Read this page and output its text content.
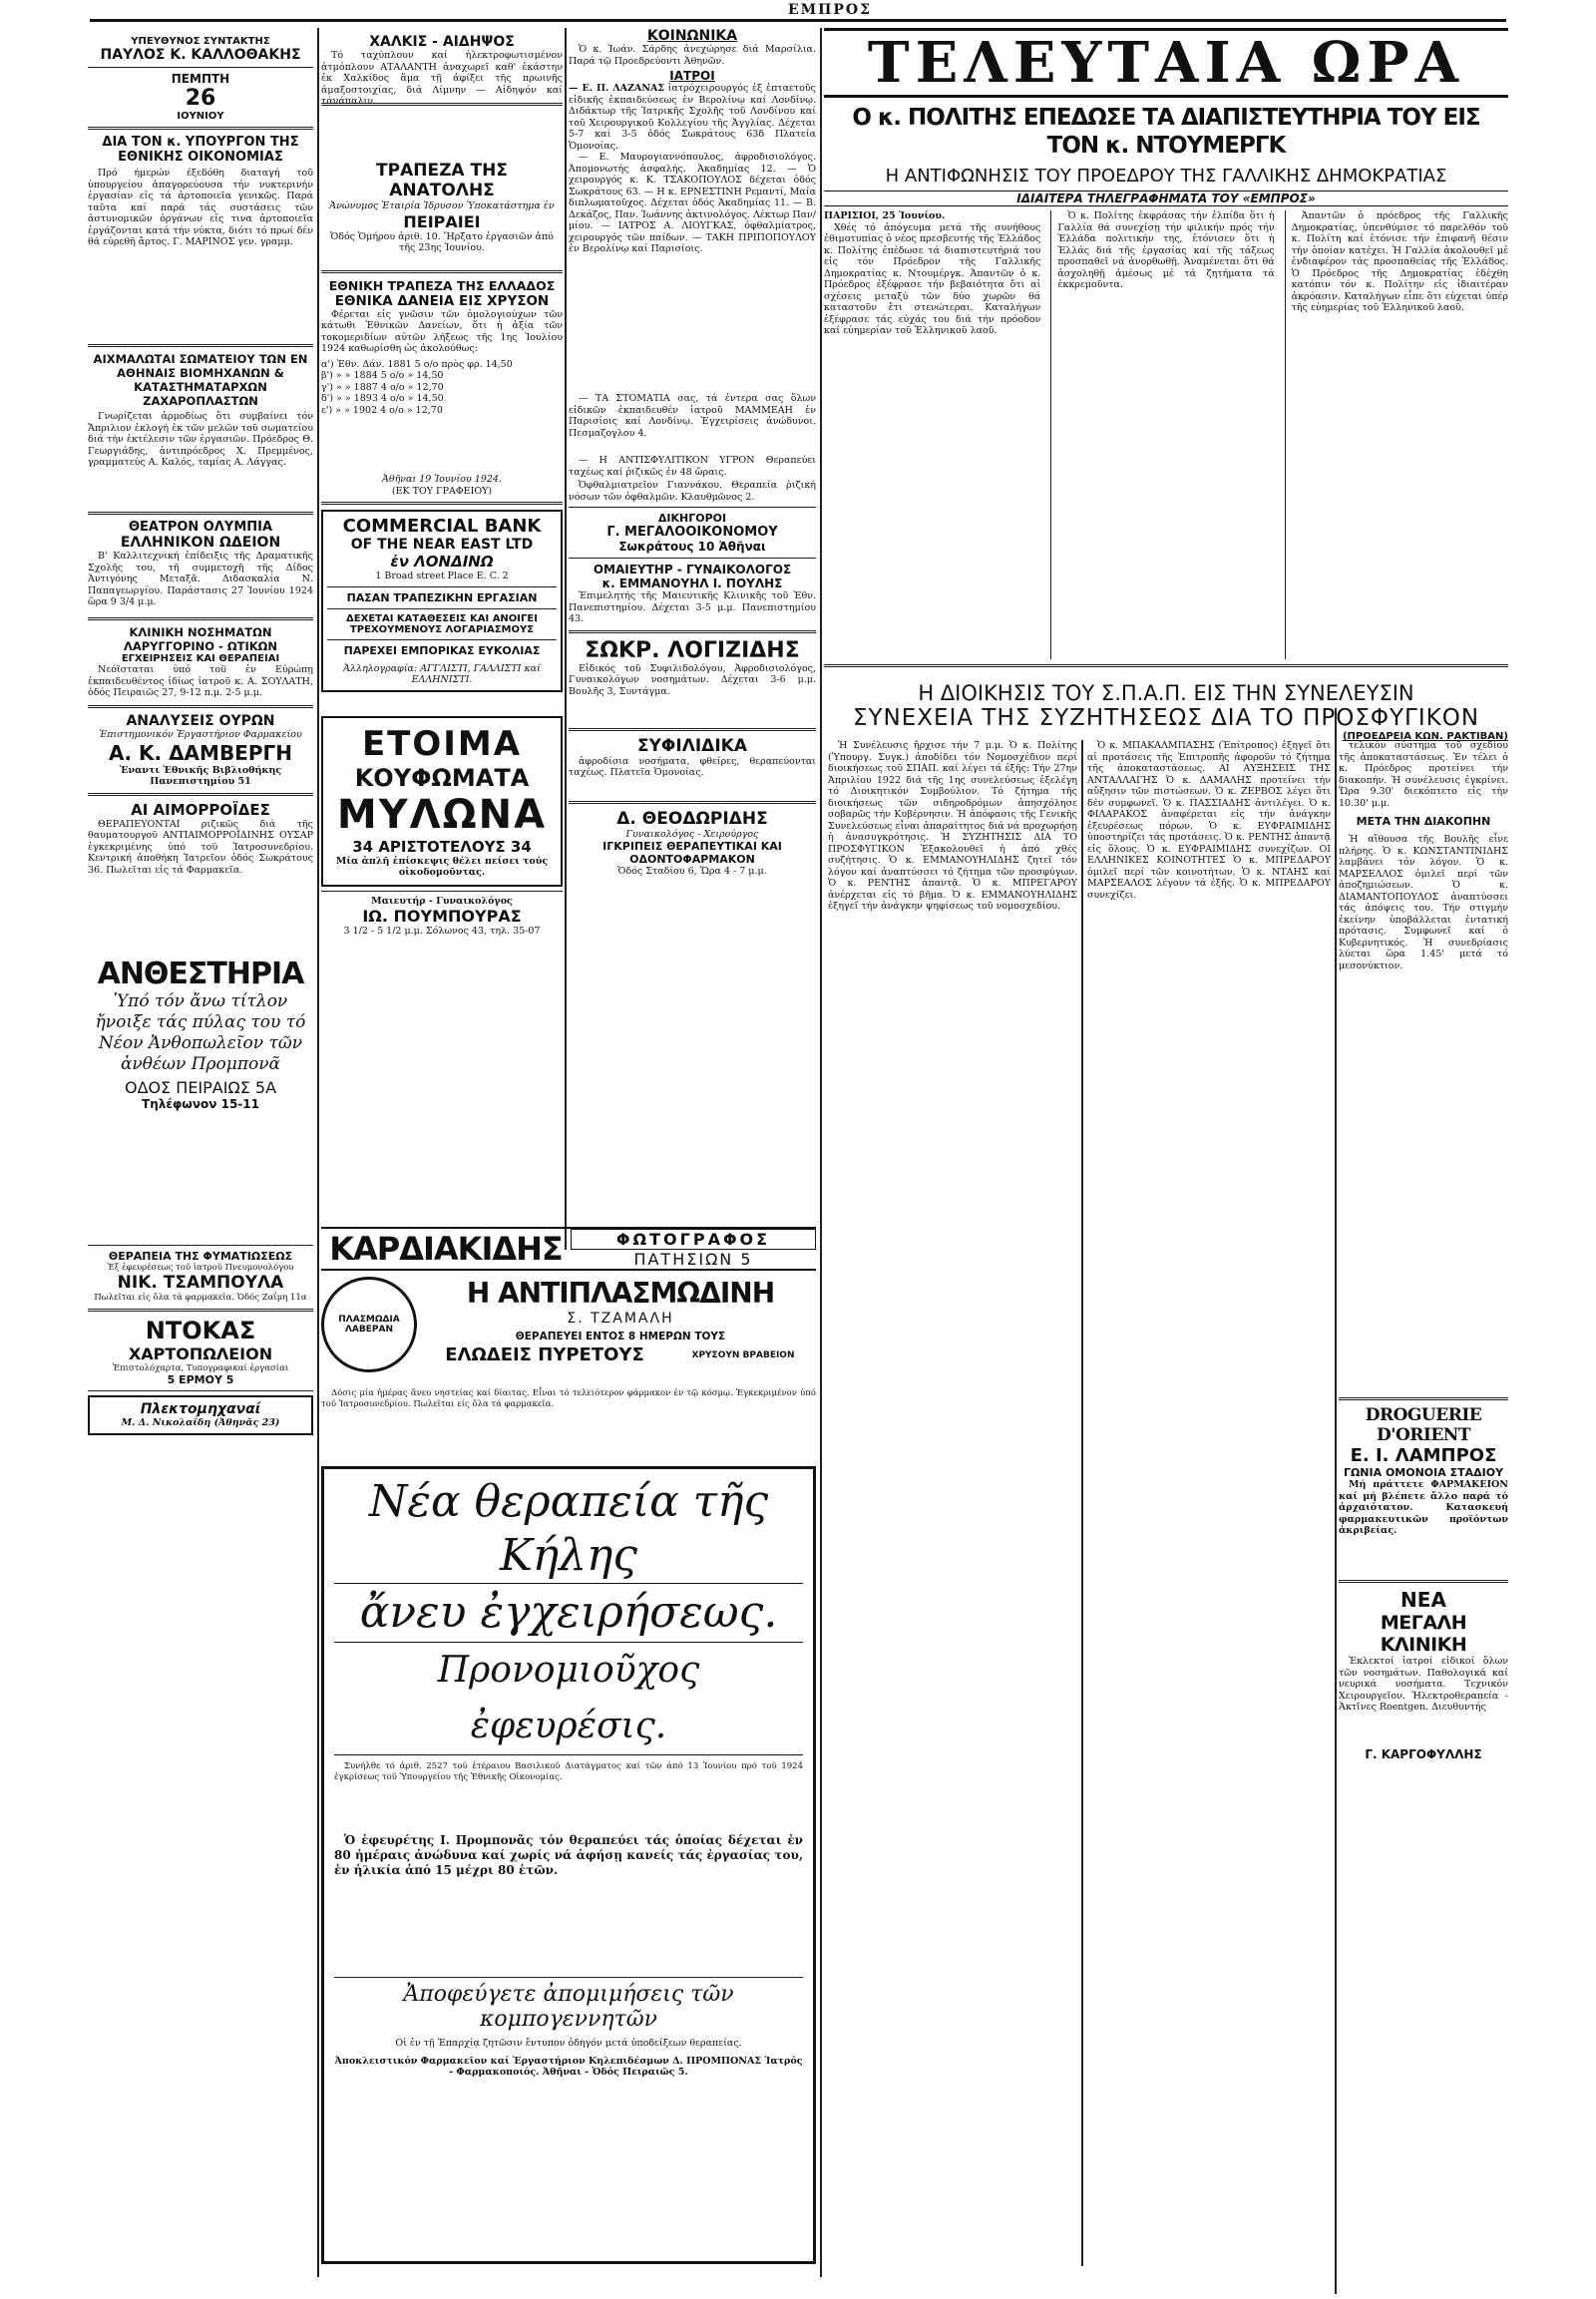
ΕΜΠΡΟΣ
ΥΠΕΥΘΥΝΟΣ ΣΥΝΤΑΚΤΗΣ
ΠΑΥΛΟΣ Κ. ΚΑΛΛΟΘΑΚΗΣ
ΠΕΜΠΤΗ
26
ΙΟΥΝΙΟΥ
ΔΙΑ ΤΟΝ κ. ΥΠΟΥΡΓΟΝ ΤΗΣ ΕΘΝΙΚΗΣ ΟΙΚΟΝΟΜΙΑΣ
Πρό ήμερών έξεδόθη διαταγή τοῦ ὑπουργείου ἀπαγορεύουσα τήν νυκτερινήν ἐργασίαν εἰς τά ἀρτοποιεῖα γενικῶς. Παρά ταῦτα καί παρά τάς συστάσεις τῶν ἀστυνομικῶν ὀργάνων εἰς τινα ἀρτοποιεῖα ἐργάζονται κατά τήν νύκτα, διότι τό πρωί δέν θά εὑρεθῆ ἄρτος. Γ. ΜΑΡΙΝΟΣ γεν. γραμμ.
ΑΙΧΜΑΛΩΤΑΙ ΣΩΜΑΤΕΙΟΥ ΤΩΝ ΕΝ ΑΘΗΝΑΙΣ ΒΙΟΜΗΧΑΝΩΝ & ΚΑΤΑΣΤΗΜΑΤΑΡΧΩΝ ΖΑΧΑΡΟΠΛΑΣΤΩΝ
Γνωρίζεται ἀρμοδίως ὅτι συμβαίνει τόν Ἄπριλιον ἐκλογή ἐκ τῶν μελῶν τοῦ σωματείου διά τήν ἐκτέλεσιν τῶν ἐργασιῶν. Πρόεδρος Θ. Γεωργιάδης, ἀντιπρόεδρος Χ. Πρεμμένος, γραμματεύς Α. Καλός, ταμίας Α. Λάγγας.
ΘΕΑΤΡΟΝ ΟΛΥΜΠΙΑ
ΕΛΛΗΝΙΚΟΝ ΩΔΕΙΟΝ
Β' Καλλιτεχνική ἐπίδειξις τῆς Δραματικῆς Σχολῆς του, τῆ συμμετοχῆ τῆς Δίδος Ἀντιγόνης Μεταξᾶ. Διδασκαλία Ν. Παπαγεωργίου. Παράστασις 27 Ἰουνίου 1924 ὥρα 9 3/4 μ.μ.
ΚΛΙΝΙΚΗ ΝΟΣΗΜΑΤΩΝ ΛΑΡΥΓΓΟΡΙΝΟ - ΩΤΙΚΩΝ
ΕΓΧΕΙΡΗΣΕΙΣ ΚΑΙ ΘΕΡΑΠΕΙΑΙ
Νεόϊσταται ὑπό τοῦ ἐν Εὐρώπῃ ἐκπαιδευθέντος ἰδίως ἰατροῦ κ. Α. ΣΟΥΛΑΤΗ, ὁδός Πειραιῶς 27, 9-12 π.μ. 2-5 μ.μ.
ΑΝΑΛΥΣΕΙΣ ΟΥΡΩΝ
Ἐπιστημονικόν Ἐργαστήριον Φαρμακείου
Α. Κ. ΔΑΜΒΕΡΓΗ
Ἐναντι Ἐθνικῆς Βιβλιοθήκης Πανεπιστημίου 51
ΑΙ ΑΙΜΟΡΡΟΪΔΕΣ
ΘΕΡΑΠΕΥΟΝΤΑΙ ριζικῶς διά τῆς θαυματουργοῦ ΑΝΤΙΑΙΜΟΡΡΟΪΔΙΝΗΣ ΟΥΣΑΡ ἐγκεκριμένης ὑπό τοῦ Ἰατροσυνεδρίου. Κεντρική ἀποθήκη Ἰατρεῖον ὁδός Σωκράτους 36. Πωλεῖται εἰς τά Φαρμακεῖα.
ΑΝΘΕΣΤΗΡΙΑ
Ὑπό τόν ἄνω τίτλον ἤνοιξε τάς πύλας του τό Νέον Ἀνθοπωλεῖον τῶν ἀνθέων Προμπονᾶ
ΟΔΟΣ ΠΕΙΡΑΙΩΣ 5Α
Τηλέφωνον 15-11
ΘΕΡΑΠΕΙΑ ΤΗΣ ΦΥΜΑΤΙΩΣΕΩΣ
Ἐξ ἐφευρέσεως τοῦ ἰατροῦ Πνευμονολόγου
ΝΙΚ. ΤΣΑΜΠΟΥΛΑ
Πωλεῖται εἰς ὅλα τά φαρμακεῖα. Ὁδός Ζαΐμη 11α
ΝΤΟΚΑΣ
ΧΑΡΤΟΠΩΛΕΙΟΝ
Ἐπιστολόχαρτα, Τυπογραφικαί ἐργασίαι
5 ΕΡΜΟΥ 5
Πλεκτομηχαναί
Μ. Δ. Νικολαΐδη (Ἀθηνᾶς 23)
ΧΑΛΚΙΣ - ΑΙΔΗΨΟΣ
Τό ταχύπλουν καί ἡλεκτροφωτισμένον ἀτμόπλουν ΑΤΑΛΑΝΤΗ ἀναχωρεῖ καθ' ἑκάστην ἐκ Χαλκίδος ἅμα τῇ ἀφίξει τῆς πρωινῆς ἁμαξοστοιχίας, διά Λίμνην — Αἰδηψόν καί τάνάπαλιν.
ΤΡΑΠΕΖΑ ΤΗΣ ΑΝΑΤΟΛΗΣ
Ἀνώνυμος Ἑταιρία Ἱδρυσον Ὑποκατάστημα ἐν
ΠΕΙΡΑΙΕΙ
Ὁδός Ὁμήρου ἀριθ. 10. Ἤρξατο ἐργασιῶν ἀπό τῆς 23ης Ἰουνίου.
ΕΘΝΙΚΗ ΤΡΑΠΕΖΑ ΤΗΣ ΕΛΛΑΔΟΣ
ΕΘΝΙΚΑ ΔΑΝΕΙΑ ΕΙΣ ΧΡΥΣΟΝ
Φέρεται εἰς γνῶσιν τῶν ὁμολογιούχων τῶν κάτωθι Ἐθνικῶν Δανείων, ὅτι ἡ ἀξία τῶν τοκομεριδίων αὐτῶν λήξεως τῆς 1ης Ἰουλίου 1924 καθωρίσθη ὡς ἀκολούθως:
α') Ἐθν. Δάν. 1881 5 ο/ο πρὸς φρ. 14,50
β') » » 1884 5 ο/ο » 14,50
γ') » » 1887 4 ο/ο » 12,70
δ') » » 1893 4 ο/ο » 14,50
ε') » » 1902 4 ο/ο » 12,70
Ἀθῆναι 19 Ἰουνίου 1924.
(ΕΚ ΤΟΥ ΓΡΑΦΕΙΟΥ)
COMMERCIAL BANK
OF THE NEAR EAST LTD
ἐν ΛΟΝΔΙΝΩ
1 Broad street Place E. C. 2
ΠΑΣΑΝ ΤΡΑΠΕΖΙΚΗΝ ΕΡΓΑΣΙΑΝ
ΔΕΧΕΤΑΙ ΚΑΤΑΘΕΣΕΙΣ ΚΑΙ ΑΝΟΙΓΕΙ ΤΡΕΧΟΥΜΕΝΟΥΣ ΛΟΓΑΡΙΑΣΜΟΥΣ
ΠΑΡΕΧΕΙ ΕΜΠΟΡΙΚΑΣ ΕΥΚΟΛΙΑΣ
Ἀλληλογραφία: ΑΓΓΛΙΣΤΙ, ΓΑΛΛΙΣΤΙ καί ΕΛΛΗΝΙΣΤΙ.
ΕΤΟΙΜΑ
ΚΟΥΦΩΜΑΤΑ
ΜΥΛΩΝΑ
34 ΑΡΙΣΤΟΤΕΛΟΥΣ 34
Μία ἁπλῆ ἐπίσκεψις θέλει πείσει τούς οἰκοδομοῦντας.
Μαιευτήρ - Γυναικολόγος
ΙΩ. ΠΟΥΜΠΟΥΡΑΣ
3 1/2 - 5 1/2 μ.μ. Σόλωνος 43, τηλ. 35-07
ΚΟΙΝΩΝΙΚΑ
Ὁ κ. Ἰωάν. Σάρδης ἀνεχώρησε διά Μαρσίλια. Παρά τῷ Προεδρεύοντι Ἀθηνῶν.
ΙΑΤΡΟΙ
— Ε. Π. ΛΑΖΑΝΑΣ ἰατρόχειρουργός ἐξ ἑπταετοῦς εἰδικῆς ἐκπαιδεύσεως ἐν Βερολίνῳ καί Λονδίνῳ. Διδάκτωρ τῆς Ἰατρικῆς Σχολῆς τοῦ Λονδίνου καί τοῦ Χειρουργικοῦ Κολλεγίου τῆς Ἀγγλίας. Δέχεται 5-7 καί 3-5 ὁδός Σωκράτους 63δ Πλατεία Ὁμονοίας.
— Ε. Μαυρογιαννόπουλος, ἀφροδισιολόγος. Ἀπομονωτής ἀσφαλής. Ἀκαδημίας 12. — Ὁ χειρουργός κ. Κ. ΤΣΑΚΟΠΟΥΛΟΣ δέχεται ὁδός Σωκράτους 63. — Η κ. ΕΡΝΕΣΤΙΝΗ Ρεμαντί, Μαία διπλωματοῦχος. Δέχεται ὁδός Ἀκαδημίας 11. — Β. Δεκάζος, Παν. Ἰωάννης ἀκτινολόγος. Λέκτωρ Παν/μίου. — ΙΑΤΡΟΣ Α. ΛΙΟΥΓΚΑΣ, ὀφθαλμίατρος, χειρουργός τῶν παίδων. — ΤΑΚΗ ΠΡΙΠΟΠΟΥΛΟΥ ἐν Βερολίνῳ καί Παρισίοις.
— ΤΑ ΣΤΟΜΑΤΙΑ σας, τά ἐντερα σας ὅλων εἰδικῶν ἐκπαιδευθέν ἰατροῦ ΜΑΜΜΕΑΗ ἐν Παρισίοις καί Λονδίνῳ. Ἐγχειρίσεις ἀνώδυνοι. Πεσμαζογλου 4.
— Η ΑΝΤΙΣΦΥΛΙΤΙΚΟΝ ΥΓΡΟΝ Θεραπεύει ταχέως καί ῥιζικῶς ἐν 48 ὥραις.
Ὀφθαλμιατρεῖον Γιαννάκου. Θεραπεία ῥιζική νόσων τῶν ὀφθαλμῶν. Κλαυθμῶνος 2.
ΔΙΚΗΓΟΡΟΙ
Γ. ΜΕΓΑΛΟΟΙΚΟΝΟΜΟΥ
Σωκράτους 10 Ἀθῆναι
ΟΜΑΙΕΥΤΗΡ - ΓΥΝΑΙΚΟΛΟΓΟΣ
κ. ΕΜΜΑΝΟΥΗΛ Ι. ΠΟΥΛΗΣ
Ἐπιμελητής τῆς Μαιευτικῆς Κλινικῆς τοῦ Ἐθν. Πανεπιστημίου. Δέχεται 3-5 μ.μ. Πανεπιστημίου 43.
ΣΩΚΡ. ΛΟΓΙΖΙΔΗΣ
Εἰδικός τοῦ Συφιλιδολόγου, Ἀφροδισιολόγος, Γυναικολόγων νοσημάτων. Δέχεται 3-6 μ.μ. Βουλῆς 3, Συντάγμα.
ΣΥΦΙΛΙΔΙΚΑ
ἀφροδίσια νοσήματα, φθείρες, θεραπεύονται ταχέως. Πλατεῖα Ὁμονοίας.
Δ. ΘΕΟΔΩΡΙΔΗΣ
Γυναικολόγος - Χειρούργος
ΙΓΚΡΙΠΕΙΣ ΘΕΡΑΠΕΥΤΙΚΑΙ ΚΑΙ ΟΔΟΝΤΟΦΑΡΜΑΚΟΝ
Ὁδός Σταδίου 6, Ὥρα 4 - 7 μ.μ.
ΚΑΡΔΙΑΚΙΔΗΣ	ΦΩΤΟΓΡΑΦΟΣ
ΠΑΤΗΣΙΩΝ 5
ΠΛΑΣΜΩΔΙΑ ΛΑΒΕΡΑΝ
Η ΑΝΤΙΠΛΑΣΜΩΔΙΝΗ
Σ. ΤΖΑΜΑΛΗ
ΘΕΡΑΠΕΥΕΙ ΕΝΤΟΣ 8 ΗΜΕΡΩΝ ΤΟΥΣ
ΕΛΩΔΕΙΣ ΠΥΡΕΤΟΥΣ	ΧΡΥΣΟΥΝ ΒΡΑΒΕΙΟΝ
Δόσις μία ἡμέρας ἄνευ νηστείας καί δίαιτας. Εἶναι τό τελειότερον φάρμακον ἐν τῷ κόσμῳ. Ἐγκεκριμένον ὑπό τοῦ Ἰατροσυνεδρίου. Πωλεῖται εἰς ὅλα τά φαρμακεῖα.
Νέα θεραπεία τῆς Κήλης
ἄνευ ἐγχειρήσεως.
Προνομιοῦχος ἐφευρέσις.
Συνήλθε τό ἀριθ. 2527 τοῦ ἐτέραιου Βασιλικοῦ Διατάγματος καί τῶν ἀπό 13 Ἰουνίου πρό τοῦ 1924 ἐγκρίσεως τοῦ Ὑπουργείου τῆς Ἐθνικῆς Οἰκονομίας.
Ὁ ἐφευρέτης Ι. Προμπονᾶς τόν θεραπεύει τάς ὁποίας δέχεται ἐν 80 ἡμέραις ἀνώδυνα καί χωρίς νά ἀφήσῃ κανείς τάς ἐργασίας του, ἐν ἡλικία ἀπό 15 μέχρι 80 ἐτῶν.
Ἀποφεύγετε ἀπομιμήσεις τῶν κομπογεννητῶν
Οἱ ἐν τῇ Ἐπαρχίᾳ ζητῶσιν ἔντυπον ὁδηγόν μετά ὑποδείξεων θεραπείας.
Ἀποκλειστικόν Φαρμακεῖον καί Ἐργαστήριον Κηλεπιδέσμων Δ. ΠΡΟΜΠΟΝΑΣ Ἰατρός - Φαρμακοποιός. Ἀθῆναι - Ὁδός Πειραιῶς 5.
ΤΕΛΕΥΤΑΙΑ ΩΡΑ
Ο κ. ΠΟΛΙΤΗΣ ΕΠΕΔΩΣΕ ΤΑ ΔΙΑΠΙΣΤΕΥΤΗΡΙΑ ΤΟΥ ΕΙΣ ΤΟΝ κ. ΝΤΟΥΜΕΡΓΚ
Η ΑΝΤΙΦΩΝΗΣΙΣ ΤΟΥ ΠΡΟΕΔΡΟΥ ΤΗΣ ΓΑΛΛΙΚΗΣ ΔΗΜΟΚΡΑΤΙΑΣ
ΙΔΙΑΙΤΕΡΑ ΤΗΛΕΓΡΑΦΗΜΑΤΑ ΤΟΥ «ΕΜΠΡΟΣ»
ΠΑΡΙΣΙΟΙ, 25 Ἰουνίου.
Χθές τό ἀπόγευμα μετά τῆς συνήθους ἐθιμοτυπίας ὁ νέος πρεσβευτής τῆς Ἑλλάδος κ. Πολίτης ἐπέδωσε τά διαπιστευτήριά του εἰς τόν Πρόεδρον τῆς Γαλλικῆς Δημοκρατίας κ. Ντουμέργκ. Ἀπαντῶν ὁ κ. Πρόεδρος ἐξέφρασε τήν βεβαιότητα ὅτι αἱ σχέσεις μεταξύ τῶν δύο χωρῶν θά καταστοῦν ἔτι στενώτεραι. Καταλήγων ἐξέφρασε τάς εὐχάς του διά τήν πρόοδον καί εὐημερίαν τοῦ Ἑλληνικοῦ λαοῦ.
Ὁ κ. Πολίτης ἐκφράσας τήν ἐλπίδα ὅτι ἡ Γαλλία θά συνεχίσῃ τήν φιλικήν πρός τήν Ἑλλάδα πολιτικήν της, ἐτόνισεν ὅτι ἡ Ἑλλάς διά τῆς ἐργασίας καί τῆς τάξεως προσπαθεῖ νά ἀνορθωθῇ. Ἀναμένεται ὅτι θά ἀσχοληθῇ ἀμέσως μέ τά ζητήματα τά ἐκκρεμοῦντα.
Ἀπαντῶν ὁ πρόεδρος τῆς Γαλλικῆς Δημοκρατίας, ὑπενθύμισε τό παρελθόν τοῦ κ. Πολίτη καί ἐτόνισε τήν ἐπιφανῆ θέσιν τήν ὁποίαν κατέχει. Ἡ Γαλλία ἀκολουθεῖ μέ ἐνδιαφέρον τάς προσπαθείας τῆς Ἑλλάδος. Ὁ Πρόεδρος τῆς Δημοκρατίας ἐδέχθη κατόπιν τόν κ. Πολίτην εἰς ἰδιαιτέραν ἀκρόασιν. Καταλήγων εἶπε ὅτι εὐχεται ὑπέρ τῆς εὐημερίας τοῦ Ἑλληνικοῦ λαοῦ.
Η ΔΙΟΙΚΗΣΙΣ ΤΟΥ Σ.Π.Α.Π. ΕΙΣ ΤΗΝ ΣΥΝΕΛΕΥΣΙΝ
ΣΥΝΕΧΕΙΑ ΤΗΣ ΣΥΖΗΤΗΣΕΩΣ ΔΙΑ ΤΟ ΠΡΟΣΦΥΓΙΚΟΝ
(ΠΡΟΕΔΡΕΙΑ ΚΩΝ. ΡΑΚΤΙΒΑΝ)
Ἡ Συνέλευσις ἤρχισε τήν 7 μ.μ. Ὁ κ. Πολίτης (Ὑπουργ. Συγκ.) ἀποδίδει τόν Νομοσχέδιον περί διοικήσεως τοῦ ΣΠΑΠ. καί λέγει τά ἑξῆς: Τήν 27ην Ἀπριλίου 1922 διά τῆς 1ης συνελεύσεως ἐξελέγη τό Διοικητικόν Συμβούλιον. Τό ζήτημα τῆς διοικήσεως τῶν σιδηροδρόμων ἀπησχόλησε σοβαρῶς τήν Κυβέρνησιν. Ἡ ἀπόφασις τῆς Γενικῆς Συνελεύσεως εἶναι ἀπαραίτητος διά νά προχωρήσῃ ἡ ἀνασυγκρότησις. Ἡ ΣΥΖΗΤΗΣΙΣ ΔΙΑ ΤΟ ΠΡΟΣΦΥΓΙΚΟΝ Ἐξακολουθεῖ ἡ ἀπό χθές συζήτησις. Ὁ κ. ΕΜΜΑΝΟΥΗΛΙΔΗΣ ζητεῖ τόν λόγον καί ἀναπτύσσει τό ζήτημα τῶν προσφύγων. Ὁ κ. ΡΕΝΤΗΣ ἀπαντᾷ. Ὁ κ. ΜΠΡΕΓΑΡΟΥ ἀνέρχεται εἰς τό βῆμα. Ὁ κ. ΕΜΜΑΝΟΥΗΛΙΔΗΣ ἐξηγεῖ τήν ἀνάγκην ψηφίσεως τοῦ νομοσχεδίου.
Ὁ κ. ΜΠΑΚΑΛΜΠΑΣΗΣ (Ἐπίτροπος) ἐξηγεῖ ὅτι αἱ προτάσεις τῆς Ἐπιτροπῆς ἀφοροῦν τό ζήτημα τῆς ἀποκαταστάσεως. ΑΙ ΑΥΞΗΣΕΙΣ ΤΗΣ ΑΝΤΑΛΛΑΓΗΣ Ὁ κ. ΔΑΜΑΛΗΣ προτείνει τήν αὔξησιν τῶν πιστώσεων. Ὁ κ. ΖΕΡΒΟΣ λέγει ὅτι δέν συμφωνεῖ. Ὁ κ. ΠΑΣΣΙΑΔΗΣ ἀντιλέγει. Ὁ κ. ΦΙΛΑΡΑΚΟΣ ἀναφέρεται εἰς τήν ἀνάγκην ἐξευρέσεως πόρων. Ὁ κ. ΕΥΦΡΑΙΜΙΔΗΣ ὑποστηρίζει τάς προτάσεις. Ὁ κ. ΡΕΝΤΗΣ ἀπαντᾷ εἰς ὅλους. Ὁ κ. ΕΥΦΡΑΙΜΙΔΗΣ συνεχίζων. ΟΙ ΕΛΛΗΝΙΚΕΣ ΚΟΙΝΟΤΗΤΕΣ Ὁ κ. ΜΠΡΕΔΑΡΟΥ ὁμιλεῖ περί τῶν κοινοτήτων. Ὁ κ. ΝΤΑΗΣ καί ΜΑΡΣΕΑΛΟΣ λέγουν τά ἑξῆς. Ὁ κ. ΜΠΡΕΔΑΡΟΥ συνεχίζει.
τελικόν σύστημα τοῦ σχεδίου τῆς ἀποκαταστάσεως. Ἐν τέλει ὁ κ. Πρόεδρος προτείνει τήν διακοπήν. Ἡ συνέλευσις ἐγκρίνει. Ὥρα 9.30' διεκόπτετο εἰς τήν 10.30' μ.μ.
ΜΕΤΑ ΤΗΝ ΔΙΑΚΟΠΗΝ
Ἡ αἴθουσα τῆς Βουλῆς εἶνε πλήρης. Ὁ κ. ΚΩΝΣΤΑΝΤΙΝΙΔΗΣ λαμβάνει τόν λόγον. Ὁ κ. ΜΑΡΣΕΛΛΟΣ ὁμιλεῖ περί τῶν ἀποζημιώσεων. Ὁ κ. ΔΙΑΜΑΝΤΟΠΟΥΛΟΣ ἀναπτύσσει τάς ἀπόψεις του. Τήν στιγμήν ἐκείνην ὑποβάλλεται ἐντατική πρότασις. Συμφωνεῖ καί ὁ Κυβερνητικός. Ἡ συνεδρίασις λύεται ὥρα 1.45' μετά τό μεσονύκτιον.
DROGUERIE D'ORIENT
Ε. Ι. ΛΑΜΠΡΟΣ
ΓΩΝΙΑ ΟΜΟΝΟΙΑ ΣΤΑΔΙΟΥ
Μή πράττετε ΦΑΡΜΑΚΕΙΟΝ καί μή βλέπετε ἄλλο παρά τό ἀρχαιότατον. Κατασκευή φαρμακευτικῶν προϊόντων ἀκριβείας.
ΝΕΑ
ΜΕΓΑΛΗ ΚΛΙΝΙΚΗ
Ἐκλεκτοί ἰατροί εἰδικοί ὅλων τῶν νοσημάτων. Παθολογικά καί νευρικά νοσήματα. Τεχνικόν Χειρουργεῖον. Ἠλεκτροθεραπεία - Ἀκτῖνες Roentgen. Διευθυντής
Γ. ΚΑΡΓΟΦΥΛΛΗΣ
